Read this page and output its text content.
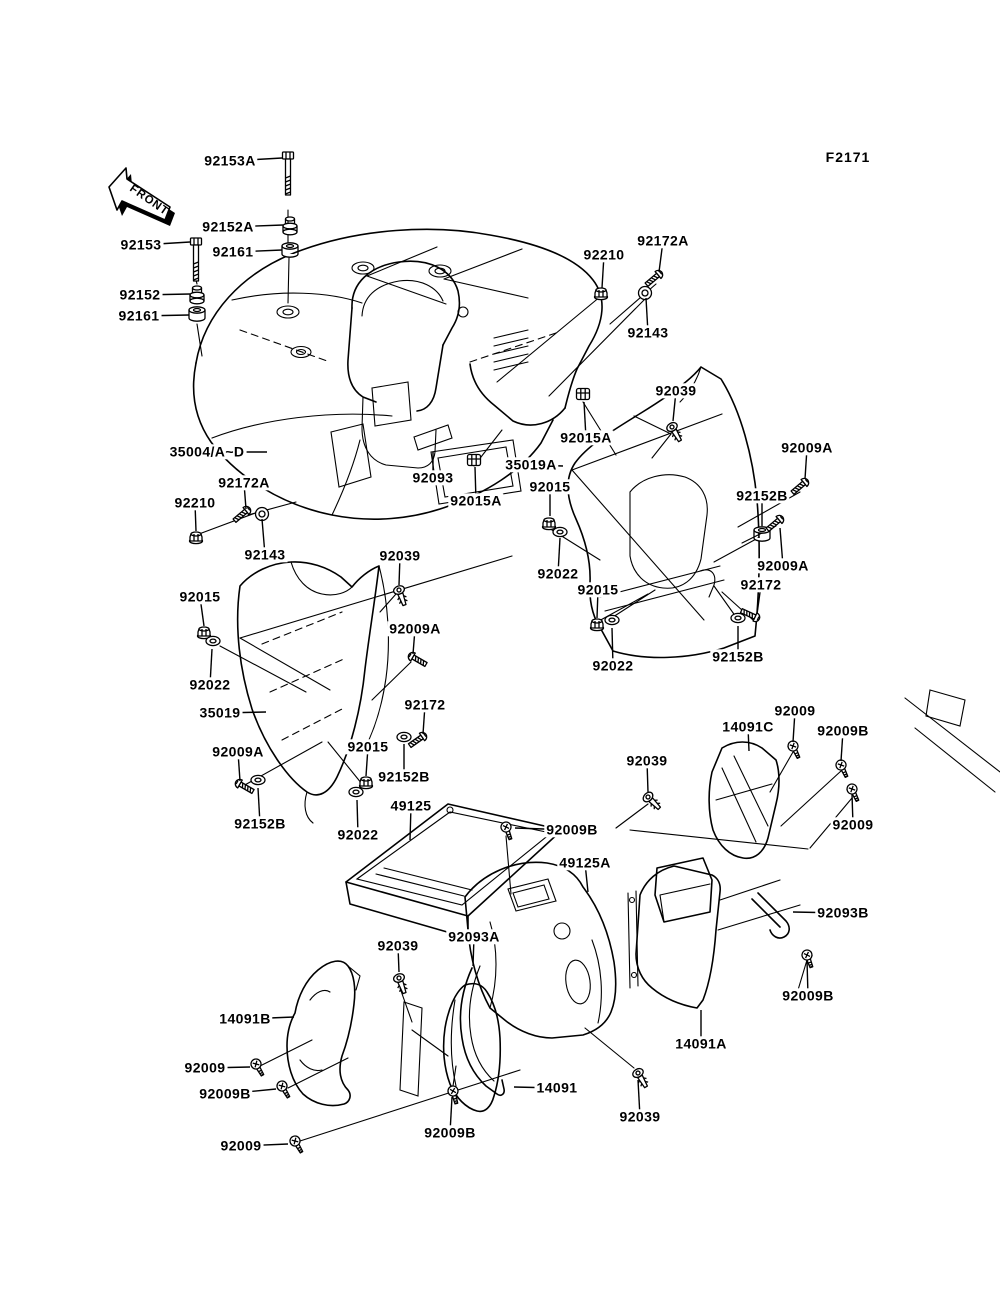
FRONT
92153A
92152A
92153	92161
92152
92161
92210
92172A
92143
92039
92015A
35019A
92015
92093
92015A
92009A
92152B
35004/A~D
92172A
92210
92143	92039
92015
92022
35019
92009A
92152B
92172
92152B
92015
92022
92022
92015
92022
92152B
92172
92009A
92009A
49125
92009B
49125A
92039
14091C
92009
92009B
92009
92093B
92009B
14091A
92039
92093A
14091B
92009
92009B
92009
14091
92009B
92039
F2171
